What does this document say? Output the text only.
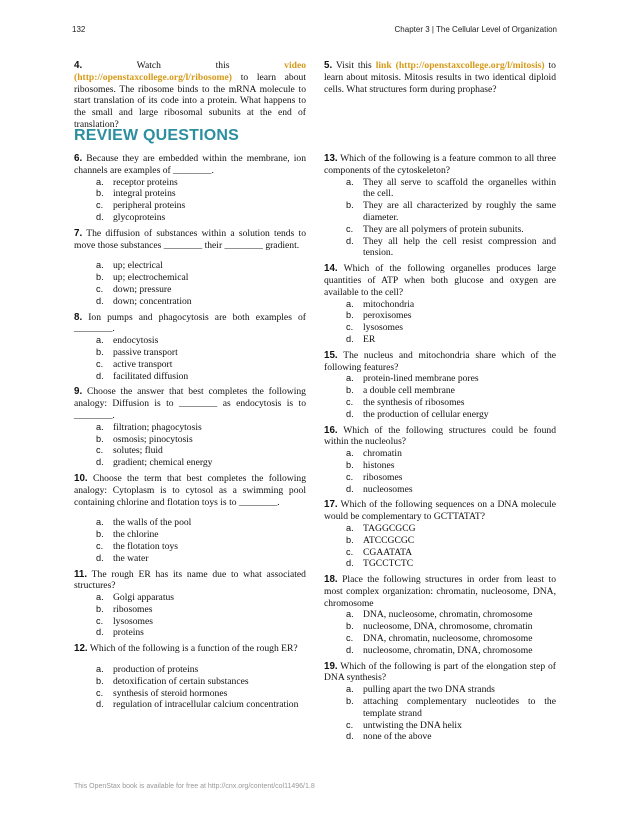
132	Chapter 3 | The Cellular Level of Organization

4.	Watch this video (http://openstaxcollege.org/l/ribosome) to learn about ribosomes. The ribosome binds to the mRNA molecule to start translation of its code into a protein. What happens to the small and large ribosomal subunits at the end of translation?

5. Visit this link (http://openstaxcollege.org/l/mitosis) to learn about mitosis. Mitosis results in two identical diploid cells. What structures form during prophase?

REVIEW QUESTIONS
6. Because they are embedded within the membrane, ion channels are examples of ________.
a. receptor proteins
b. integral proteins
c. peripheral proteins
d. glycoproteins
7. The diffusion of substances within a solution tends to move those substances ________ their ________ gradient.
a. up; electrical
b. up; electrochemical
c. down; pressure
d. down; concentration
8. Ion pumps and phagocytosis are both examples of ________.
a. endocytosis
b. passive transport
c. active transport
d. facilitated diffusion
9. Choose the answer that best completes the following analogy: Diffusion is to ________ as endocytosis is to ________.
a. filtration; phagocytosis
b. osmosis; pinocytosis
c. solutes; fluid
d. gradient; chemical energy
10. Choose the term that best completes the following analogy: Cytoplasm is to cytosol as a swimming pool containing chlorine and flotation toys is to ________.
a. the walls of the pool
b. the chlorine
c. the flotation toys
d. the water
11. The rough ER has its name due to what associated structures?
a. Golgi apparatus
b. ribosomes
c. lysosomes
d. proteins
12. Which of the following is a function of the rough ER?
a. production of proteins
b. detoxification of certain substances
c. synthesis of steroid hormones
d. regulation of intracellular calcium concentration
13. Which of the following is a feature common to all three components of the cytoskeleton?
a. They all serve to scaffold the organelles within the cell.
b. They are all characterized by roughly the same diameter.
c. They are all polymers of protein subunits.
d. They all help the cell resist compression and tension.
14. Which of the following organelles produces large quantities of ATP when both glucose and oxygen are available to the cell?
a. mitochondria
b. peroxisomes
c. lysosomes
d. ER
15. The nucleus and mitochondria share which of the following features?
a. protein-lined membrane pores
b. a double cell membrane
c. the synthesis of ribosomes
d. the production of cellular energy
16. Which of the following structures could be found within the nucleolus?
a. chromatin
b. histones
c. ribosomes
d. nucleosomes
17. Which of the following sequences on a DNA molecule would be complementary to GCTTATAT?
a. TAGGCGCG
b. ATCCGCGC
c. CGAATATA
d. TGCCTCTC
18. Place the following structures in order from least to most complex organization: chromatin, nucleosome, DNA, chromosome
a. DNA, nucleosome, chromatin, chromosome
b. nucleosome, DNA, chromosome, chromatin
c. DNA, chromatin, nucleosome, chromosome
d. nucleosome, chromatin, DNA, chromosome
19. Which of the following is part of the elongation step of DNA synthesis?
a. pulling apart the two DNA strands
b. attaching complementary nucleotides to the template strand
c. untwisting the DNA helix
d. none of the above
This OpenStax book is available for free at http://cnx.org/content/col11496/1.8
